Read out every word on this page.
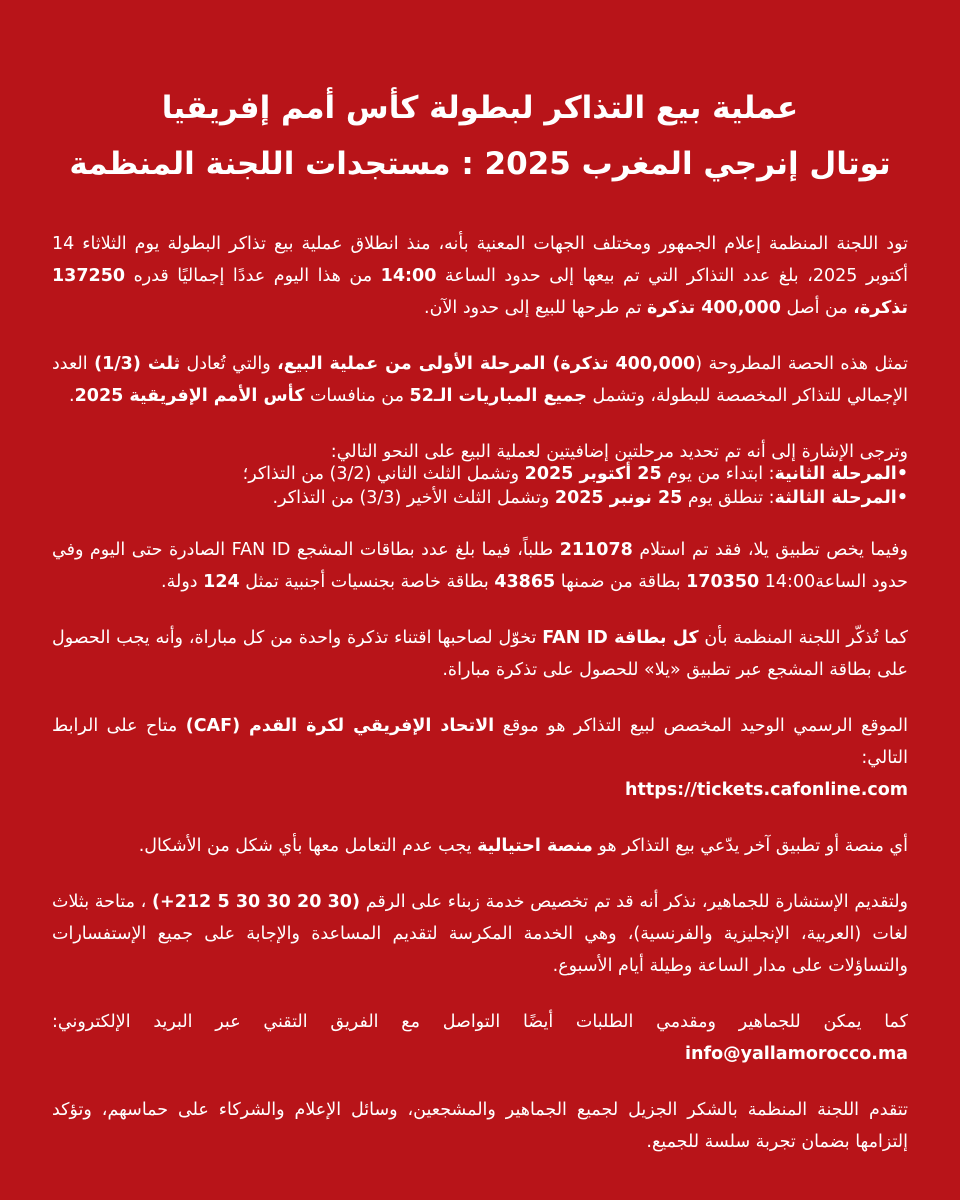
عملية بيع التذاكر لبطولة كأس أمم إفريقيا
توتال إنرجي المغرب 2025 : مستجدات اللجنة المنظمة

تود اللجنة المنظمة إعلام الجمهور ومختلف الجهات المعنية بأنه، منذ انطلاق عملية بيع تذاكر البطولة يوم الثلاثاء 14 أكتوبر 2025، بلغ عدد التذاكر التي تم بيعها إلى حدود الساعة 14:00 من هذا اليوم عددًا إجماليًا قدره 137250 تذكرة، من أصل 400,000 تذكرة تم طرحها للبيع إلى حدود الآن.

تمثل هذه الحصة المطروحة (400,000 تذكرة) المرحلة الأولى من عملية البيع، والتي تُعادل ثلث (1/3) العدد الإجمالي للتذاكر المخصصة للبطولة، وتشمل جميع المباريات الـ52 من منافسات كأس الأمم الإفريقية 2025.

وترجى الإشارة إلى أنه تم تحديد مرحلتين إضافيتين لعملية البيع على النحو التالي:

•المرحلة الثانية: ابتداء من يوم 25 أكتوبر 2025 وتشمل الثلث الثاني (3/2) من التذاكر؛
•المرحلة الثالثة: تنطلق يوم 25 نونبر 2025 وتشمل الثلث الأخير (3/3) من التذاكر.

وفيما يخص تطبيق يلا، فقد تم استلام 211078 طلباً، فيما بلغ عدد بطاقات المشجع FAN ID الصادرة حتى اليوم وفي حدود الساعة14:00 170350 بطاقة من ضمنها 43865 بطاقة خاصة بجنسيات أجنبية تمثل 124 دولة.

كما تُذكّر اللجنة المنظمة بأن كل بطاقة FAN ID تخوّل لصاحبها اقتناء تذكرة واحدة من كل مباراة، وأنه يجب الحصول على بطاقة المشجع عبر تطبيق «يلا» للحصول على تذكرة مباراة.

الموقع الرسمي الوحيد المخصص لبيع التذاكر هو موقع الاتحاد الإفريقي لكرة القدم (CAF) متاح على الرابط التالي:
https://tickets.cafonline.com

أي منصة أو تطبيق آخر يدّعي بيع التذاكر هو منصة احتيالية يجب عدم التعامل معها بأي شكل من الأشكال.

ولتقديم الإستشارة للجماهير، نذكر أنه قد تم تخصيص خدمة زبناء على الرقم (+212 5 30 30 20 30) ، متاحة بثلاث لغات (العربية، الإنجليزية والفرنسية)، وهي الخدمة المكرسة لتقديم المساعدة والإجابة على جميع الإستفسارات والتساؤلات على مدار الساعة وطيلة أيام الأسبوع.

كما يمكن للجماهير ومقدمي الطلبات أيضًا التواصل مع الفريق التقني عبر البريد الإلكتروني: info@yallamorocco.ma

تتقدم اللجنة المنظمة بالشكر الجزيل لجميع الجماهير والمشجعين، وسائل الإعلام والشركاء على حماسهم، وتؤكد إلتزامها بضمان تجربة سلسة للجميع.
